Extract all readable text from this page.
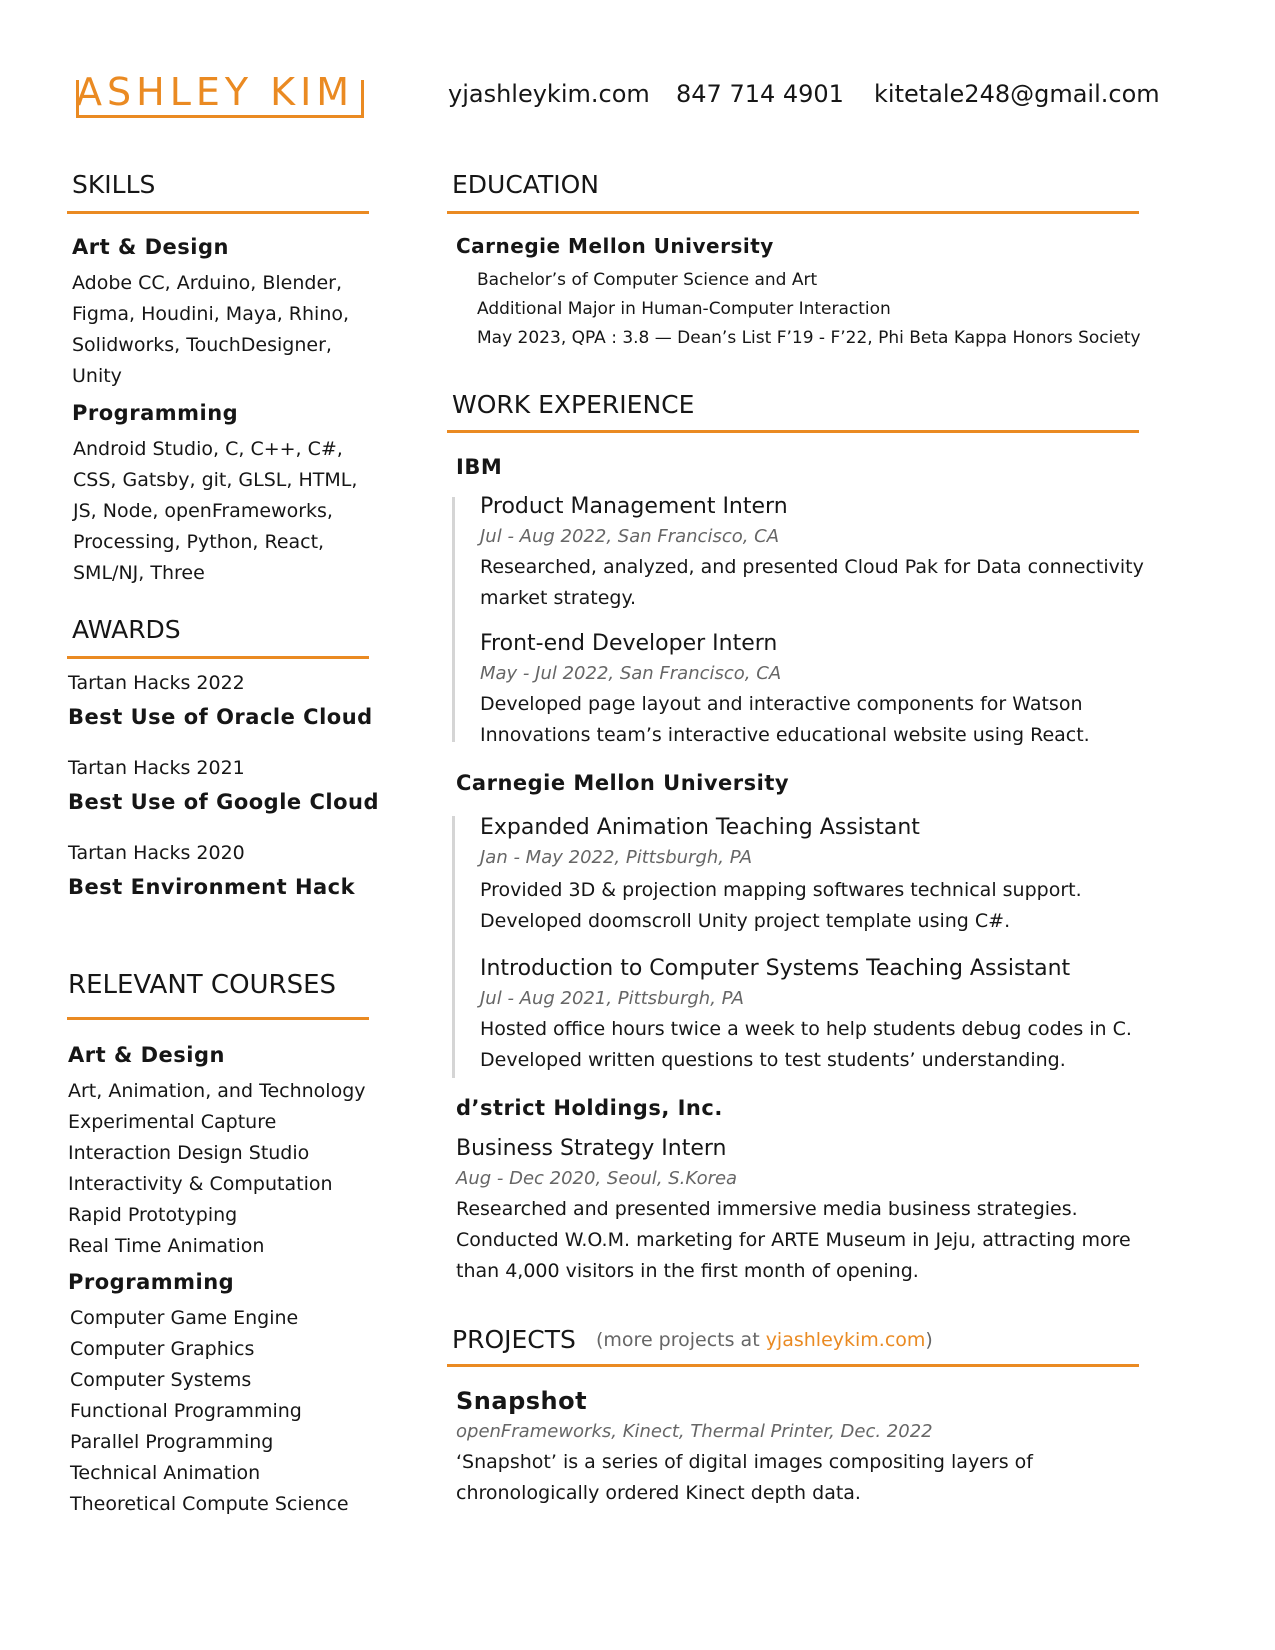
ASHLEY KIM	yjashleykim.com 847 714 4901 kitetale248@gmail.com
SKILLS
Art & Design
Adobe CC, Arduino, Blender,
Figma, Houdini, Maya, Rhino,
Solidworks, TouchDesigner,
Unity
Programming
Android Studio, C, C++, C#,
CSS, Gatsby, git, GLSL, HTML,
JS, Node, openFrameworks,
Processing, Python, React,
SML/NJ, Three
AWARDS
Tartan Hacks 2022
Best Use of Oracle Cloud
Tartan Hacks 2021
Best Use of Google Cloud
Tartan Hacks 2020
Best Environment Hack
RELEVANT COURSES
Art & Design
Art, Animation, and Technology
Experimental Capture
Interaction Design Studio
Interactivity & Computation
Rapid Prototyping
Real Time Animation
Programming
Computer Game Engine
Computer Graphics
Computer Systems
Functional Programming
Parallel Programming
Technical Animation
Theoretical Compute Science
EDUCATION
Carnegie Mellon University
Bachelor’s of Computer Science and Art
Additional Major in Human-Computer Interaction
May 2023, QPA : 3.8 — Dean’s List F’19 - F’22, Phi Beta Kappa Honors Society
WORK EXPERIENCE
IBM
Product Management Intern
Jul - Aug 2022, San Francisco, CA
Researched, analyzed, and presented Cloud Pak for Data connectivity
market strategy.
Front-end Developer Intern
May - Jul 2022, San Francisco, CA
Developed page layout and interactive components for Watson
Innovations team’s interactive educational website using React.
Carnegie Mellon University
Expanded Animation Teaching Assistant
Jan - May 2022, Pittsburgh, PA
Provided 3D & projection mapping softwares technical support.
Developed doomscroll Unity project template using C#.
Introduction to Computer Systems Teaching Assistant
Jul - Aug 2021, Pittsburgh, PA
Hosted office hours twice a week to help students debug codes in C.
Developed written questions to test students’ understanding.
d’strict Holdings, Inc.
Business Strategy Intern
Aug - Dec 2020, Seoul, S.Korea
Researched and presented immersive media business strategies.
Conducted W.O.M. marketing for ARTE Museum in Jeju, attracting more
than 4,000 visitors in the first month of opening.
PROJECTS (more projects at yjashleykim.com)
Snapshot
openFrameworks, Kinect, Thermal Printer, Dec. 2022
‘Snapshot’ is a series of digital images compositing layers of
chronologically ordered Kinect depth data.
